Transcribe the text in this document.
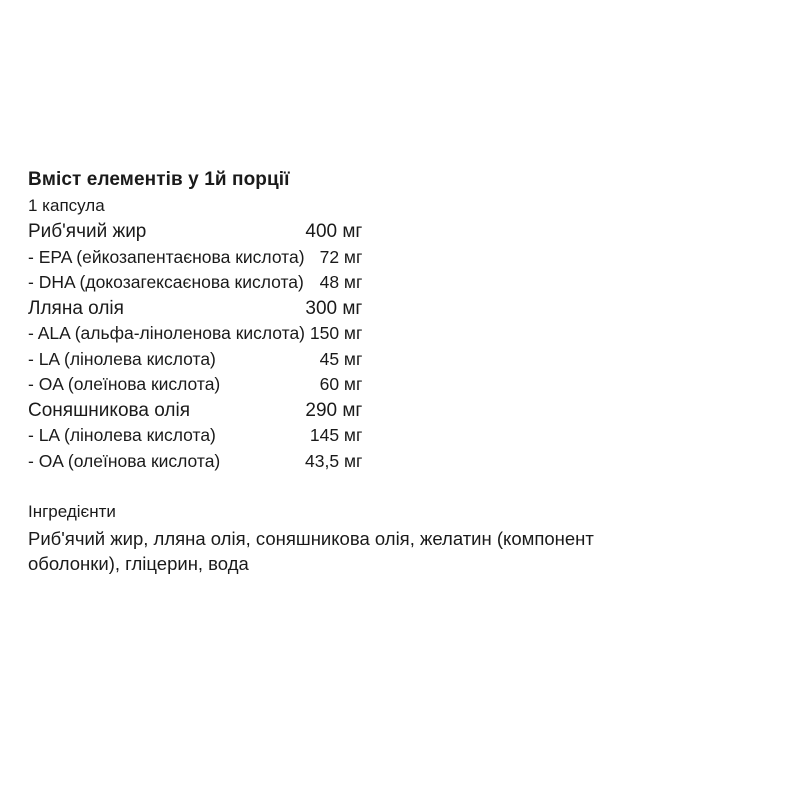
Вміст елементів у 1й порції
1 капсула
Риб'ячий жир	400 мг
- EPA (ейкозапентаєнова кислота)	72 мг
- DHA (докозагексаєнова кислота)	48 мг
Лляна олія	300 мг
- ALA (альфа-ліноленова кислота)	150 мг
- LA (лінолева кислота)	45 мг
- OA (олеїнова кислота)	60 мг
Соняшникова олія	290 мг
- LA (лінолева кислота)	145 мг
- OA (олеїнова кислота)	43,5 мг
Інгредієнти
Риб'ячий жир, лляна олія, соняшникова олія, желатин (компонент оболонки), гліцерин, вода
